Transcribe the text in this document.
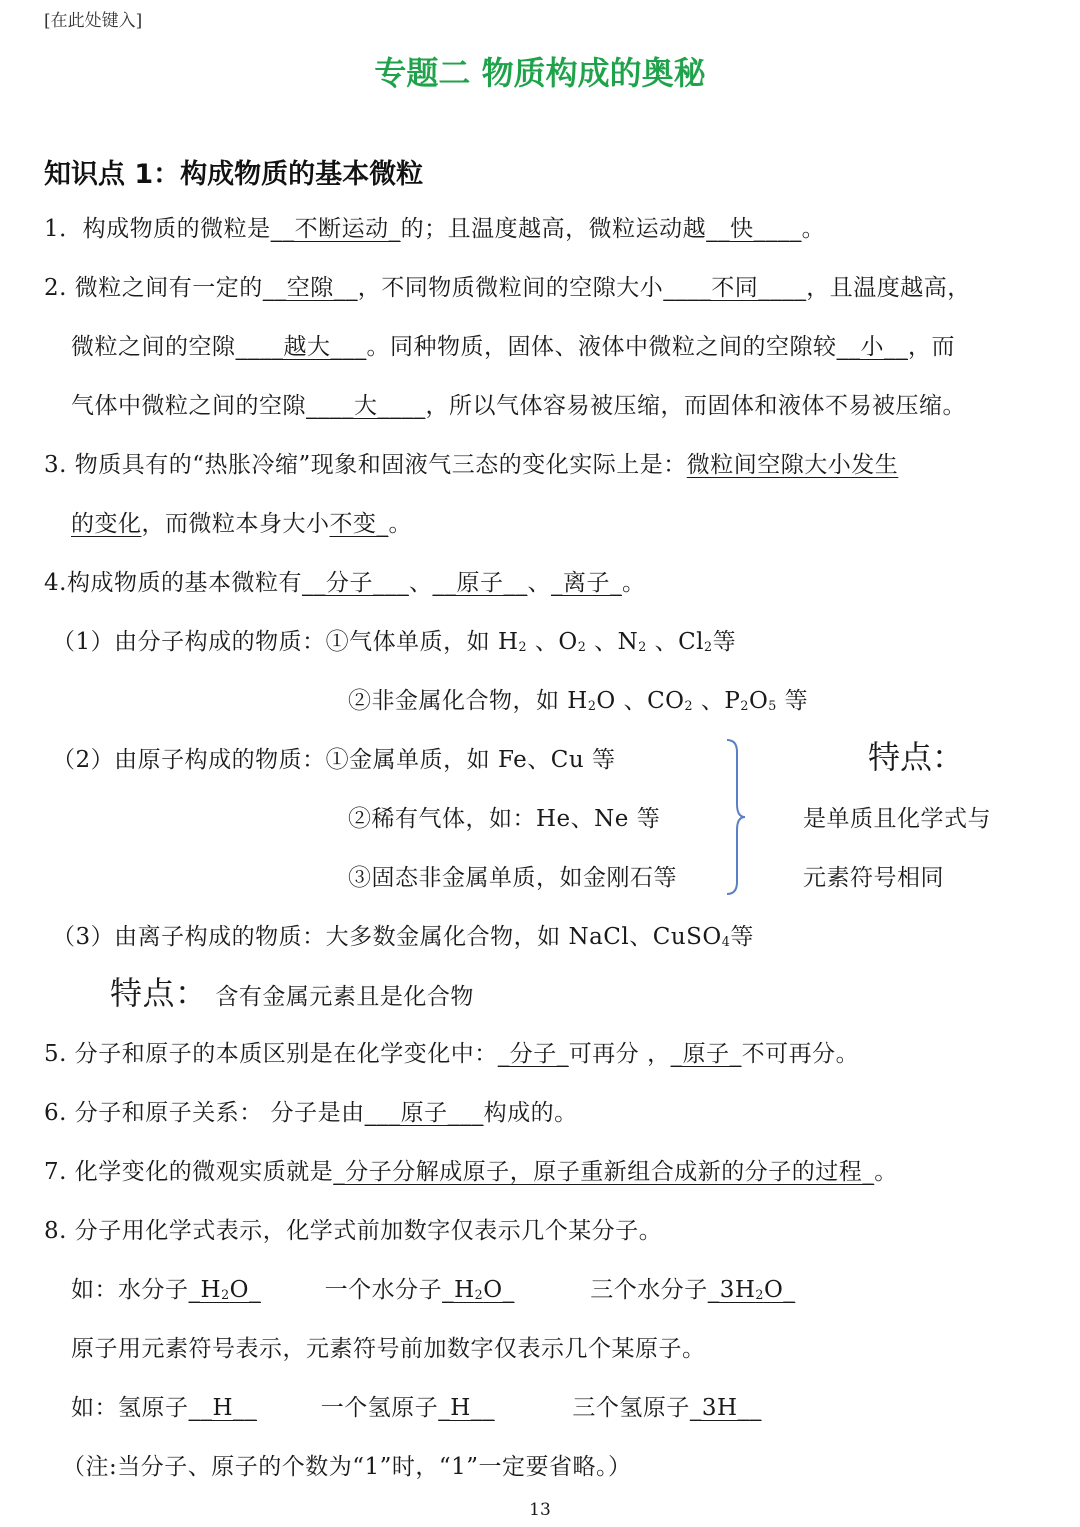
[在此处键入]
专题二 物质构成的奥秘
知识点 1：构成物质的基本微粒
1．构成物质的微粒是__不断运动_的；且温度越高，微粒运动越__快____。
2. 微粒之间有一定的__空隙__，不同物质微粒间的空隙大小____不同____，且温度越高，
微粒之间的空隙____越大___。同种物质，固体、液体中微粒之间的空隙较__小__，而
气体中微粒之间的空隙____大____，所以气体容易被压缩，而固体和液体不易被压缩。
3. 物质具有的“热胀冷缩”现象和固液气三态的变化实际上是：微粒间空隙大小发生
的变化，而微粒本身大小不变_。
4.构成物质的基本微粒有__分子___、__原子__、_离子_。
（1）由分子构成的物质：①气体单质，如 $H_2$ 、$O_2$ 、$N_2$ 、$Cl_2$等
②非金属化合物，如 $H_2O$ 、$CO_2$ 、$P_2O_5$ 等
（2）由原子构成的物质：①金属单质，如 Fe、Cu 等
②稀有气体，如：He、Ne 等
③固态非金属单质，如金刚石等
特点：
是单质且化学式与
元素符号相同
（3）由离子构成的物质：大多数金属化合物，如 NaCl、CuSO$_4$等
特点： 含有金属元素且是化合物
5. 分子和原子的本质区别是在化学变化中：_分子_可再分 ，_原子_不可再分。
6. 分子和原子关系： 分子是由___原子___构成的。
7. 化学变化的微观实质就是_分子分解成原子，原子重新组合成新的分子的过程_。
8. 分子用化学式表示，化学式前加数字仅表示几个某分子。
如：水分子$\_H_2O\_$	一个水分子$\_H_2O\_$	三个水分子$\_3H_2O\_$
原子用元素符号表示，元素符号前加数字仅表示几个某原子。
如：氢原子__H__	一个氢原子_H__	三个氢原子_3H__
（注:当分子、原子的个数为“1”时，“1”一定要省略。）
13
